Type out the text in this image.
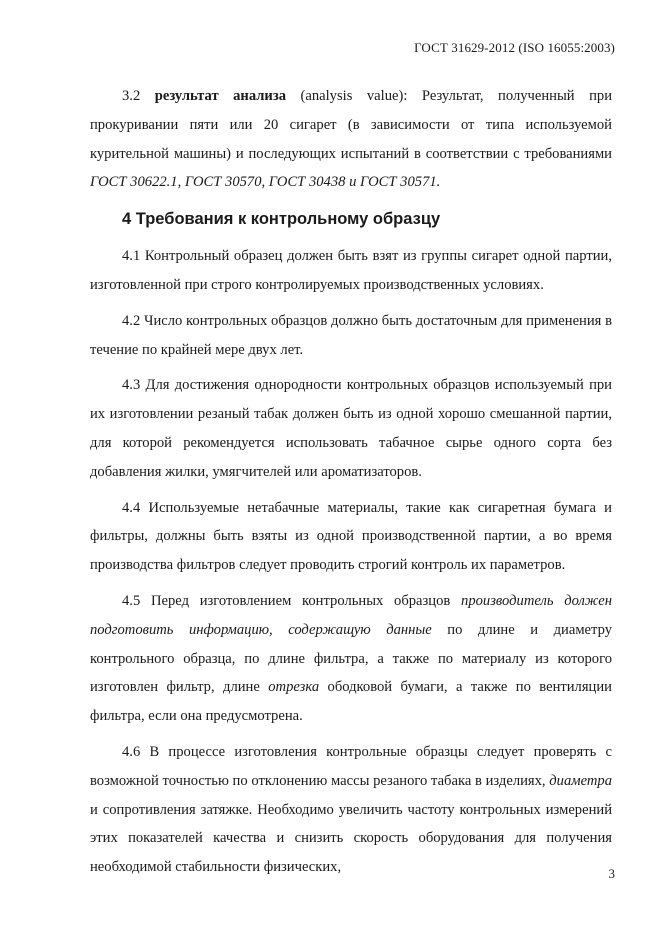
ГОСТ 31629-2012 (ISO 16055:2003)

3.2 результат анализа (analysis value): Результат, полученный при прокуривании пяти или 20 сигарет (в зависимости от типа используемой курительной машины) и последующих испытаний в соответствии с требованиями ГОСТ 30622.1, ГОСТ 30570, ГОСТ 30438 и ГОСТ 30571.

4 Требования к контрольному образцу

4.1 Контрольный образец должен быть взят из группы сигарет одной партии, изготовленной при строго контролируемых производственных условиях.

4.2 Число контрольных образцов должно быть достаточным для применения в течение по крайней мере двух лет.

4.3 Для достижения однородности контрольных образцов используемый при их изготовлении резаный табак должен быть из одной хорошо смешанной партии, для которой рекомендуется использовать табачное сырье одного сорта без добавления жилки, умягчителей или ароматизаторов.

4.4 Используемые нетабачные материалы, такие как сигаретная бумага и фильтры, должны быть взяты из одной производственной партии, а во время производства фильтров следует проводить строгий контроль их параметров.

4.5 Перед изготовлением контрольных образцов производитель должен подготовить информацию, содержащую данные по длине и диаметру контрольного образца, по длине фильтра, а также по материалу из которого изготовлен фильтр, длине отрезка ободковой бумаги, а также по вентиляции фильтра, если она предусмотрена.

4.6 В процессе изготовления контрольные образцы следует проверять с возможной точностью по отклонению массы резаного табака в изделиях, диаметра и сопротивления затяжке. Необходимо увеличить частоту контрольных измерений этих показателей качества и снизить скорость оборудования для получения необходимой стабильности физических,	3
